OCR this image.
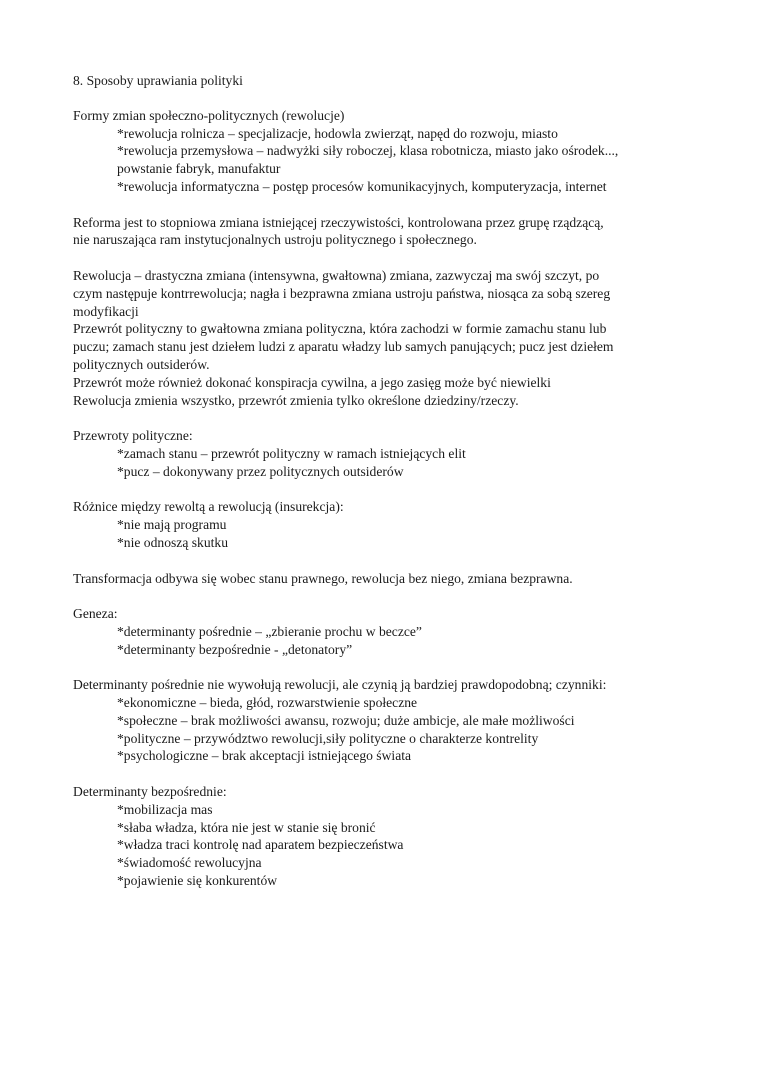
8. Sposoby uprawiania polityki
Formy zmian społeczno-politycznych (rewolucje)
*rewolucja rolnicza – specjalizacje, hodowla zwierząt, napęd do rozwoju, miasto
*rewolucja przemysłowa – nadwyżki siły roboczej, klasa robotnicza, miasto jako ośrodek...,
powstanie fabryk, manufaktur
*rewolucja informatyczna – postęp procesów komunikacyjnych, komputeryzacja, internet
Reforma jest to stopniowa zmiana istniejącej rzeczywistości, kontrolowana przez grupę rządzącą,
nie naruszająca ram instytucjonalnych ustroju politycznego i społecznego.
Rewolucja – drastyczna zmiana (intensywna, gwałtowna) zmiana, zazwyczaj ma swój szczyt, po
czym następuje kontrrewolucja; nagła i bezprawna zmiana ustroju państwa, niosąca za sobą szereg
modyfikacji
Przewrót polityczny to gwałtowna zmiana polityczna, która zachodzi w formie zamachu stanu lub
puczu; zamach stanu jest dziełem ludzi z aparatu władzy lub samych panujących; pucz jest dziełem
politycznych outsiderów.
Przewrót może również dokonać konspiracja cywilna, a jego zasięg może być niewielki
Rewolucja zmienia wszystko, przewrót zmienia tylko określone dziedziny/rzeczy.
Przewroty polityczne:
*zamach stanu – przewrót polityczny w ramach istniejących elit
*pucz – dokonywany przez politycznych outsiderów
Różnice między rewoltą a rewolucją (insurekcja):
*nie mają programu
*nie odnoszą skutku
Transformacja odbywa się wobec stanu prawnego, rewolucja bez niego, zmiana bezprawna.
Geneza:
*determinanty pośrednie – „zbieranie prochu w beczce”
*determinanty bezpośrednie - „detonatory”
Determinanty pośrednie nie wywołują rewolucji, ale czynią ją bardziej prawdopodobną; czynniki:
*ekonomiczne – bieda, głód, rozwarstwienie społeczne
*społeczne – brak możliwości awansu, rozwoju; duże ambicje, ale małe możliwości
*polityczne – przywództwo rewolucji,siły polityczne o charakterze kontrelity
*psychologiczne – brak akceptacji istniejącego świata
Determinanty bezpośrednie:
*mobilizacja mas
*słaba władza, która nie jest w stanie się bronić
*władza traci kontrolę nad aparatem bezpieczeństwa
*świadomość rewolucyjna
*pojawienie się konkurentów
